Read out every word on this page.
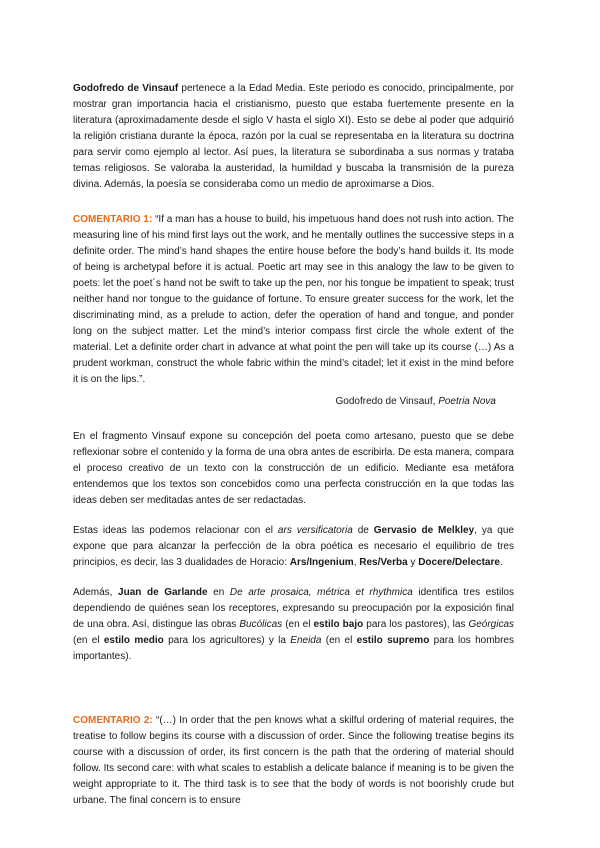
Godofredo de Vinsauf pertenece a la Edad Media. Este periodo es conocido, principalmente, por mostrar gran importancia hacia el cristianismo, puesto que estaba fuertemente presente en la literatura (aproximadamente desde el siglo V hasta el siglo XI). Esto se debe al poder que adquirió la religión cristiana durante la época, razón por la cual se representaba en la literatura su doctrina para servir como ejemplo al lector. Así pues, la literatura se subordinaba a sus normas y trataba temas religiosos. Se valoraba la austeridad, la humildad y buscaba la transmisión de la pureza divina. Además, la poesía se consideraba como un medio de aproximarse a Dios.

COMENTARIO 1: “If a man has a house to build, his impetuous hand does not rush into action. The measuring line of his mind first lays out the work, and he mentally outlines the successive steps in a definite order. The mind’s hand shapes the entire house before the body’s hand builds it. Its mode of being is archetypal before it is actual. Poetic art may see in this analogy the law to be given to poets: let the poet´s hand not be swift to take up the pen, nor his tongue be impatient to speak; trust neither hand nor tongue to the guidance of fortune. To ensure greater success for the work, let the discriminating mind, as a prelude to action, defer the operation of hand and tongue, and ponder long on the subject matter. Let the mind’s interior compass first circle the whole extent of the material. Let a definite order chart in advance at what point the pen will take up its course (…) As a prudent workman, construct the whole fabric within the mind’s citadel; let it exist in the mind before it is on the lips.”.

Godofredo de Vinsauf, Poetria Nova

En el fragmento Vinsauf expone su concepción del poeta como artesano, puesto que se debe reflexionar sobre el contenido y la forma de una obra antes de escribirla. De esta manera, compara el proceso creativo de un texto con la construcción de un edificio. Mediante esa metáfora entendemos que los textos son concebidos como una perfecta construcción en la que todas las ideas deben ser meditadas antes de ser redactadas.

Estas ideas las podemos relacionar con el ars versificatoria de Gervasio de Melkley, ya que expone que para alcanzar la perfección de la obra poética es necesario el equilibrio de tres principios, es decir, las 3 dualidades de Horacio: Ars/Ingenium, Res/Verba y Docere/Delectare.

Además, Juan de Garlande en De arte prosaica, métrica et rhythmica identifica tres estilos dependiendo de quiénes sean los receptores, expresando su preocupación por la exposición final de una obra. Así, distingue las obras Bucólicas (en el estilo bajo para los pastores), las Geórgicas (en el estilo medio para los agricultores) y la Eneida (en el estilo supremo para los hombres importantes).

COMENTARIO 2: “(…) In order that the pen knows what a skilful ordering of material requires, the treatise to follow begins its course with a discussion of order. Since the following treatise begins its course with a discussion of order, its first concern is the path that the ordering of material should follow. Its second care: with what scales to establish a delicate balance if meaning is to be given the weight appropriate to it. The third task is to see that the body of words is not boorishly crude but urbane. The final concern is to ensure
